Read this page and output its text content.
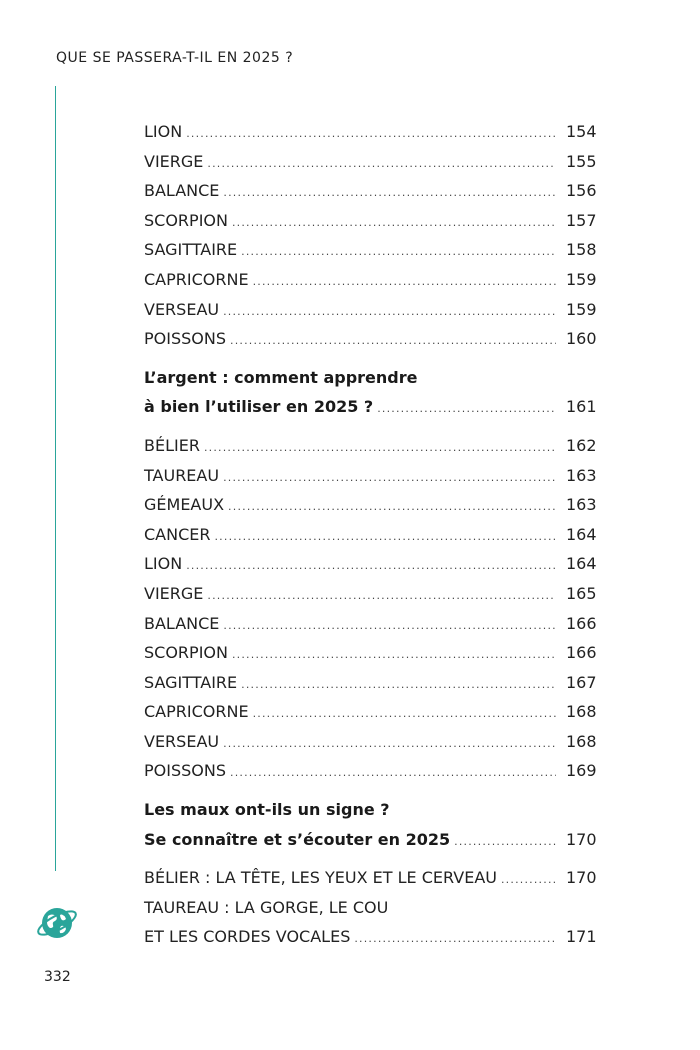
QUE SE PASSERA-T-IL EN 2025 ?
LION .....	154
VIERGE .....	155
BALANCE .....	156
SCORPION .....	157
SAGITTAIRE .....	158
CAPRICORNE .....	159
VERSEAU .....	159
POISSONS .....	160
L’argent : comment apprendre
à bien l’utiliser en 2025 ? .....	161
BÉLIER .....	162
TAUREAU .....	163
GÉMEAUX .....	163
CANCER .....	164
LION .....	164
VIERGE .....	165
BALANCE .....	166
SCORPION .....	166
SAGITTAIRE .....	167
CAPRICORNE .....	168
VERSEAU .....	168
POISSONS .....	169
Les maux ont-ils un signe ?
Se connaître et s’écouter en 2025 .....	170
BÉLIER : LA TÊTE, LES YEUX ET LE CERVEAU .....	170
TAUREAU : LA GORGE, LE COU
ET LES CORDES VOCALES .....	171
332
